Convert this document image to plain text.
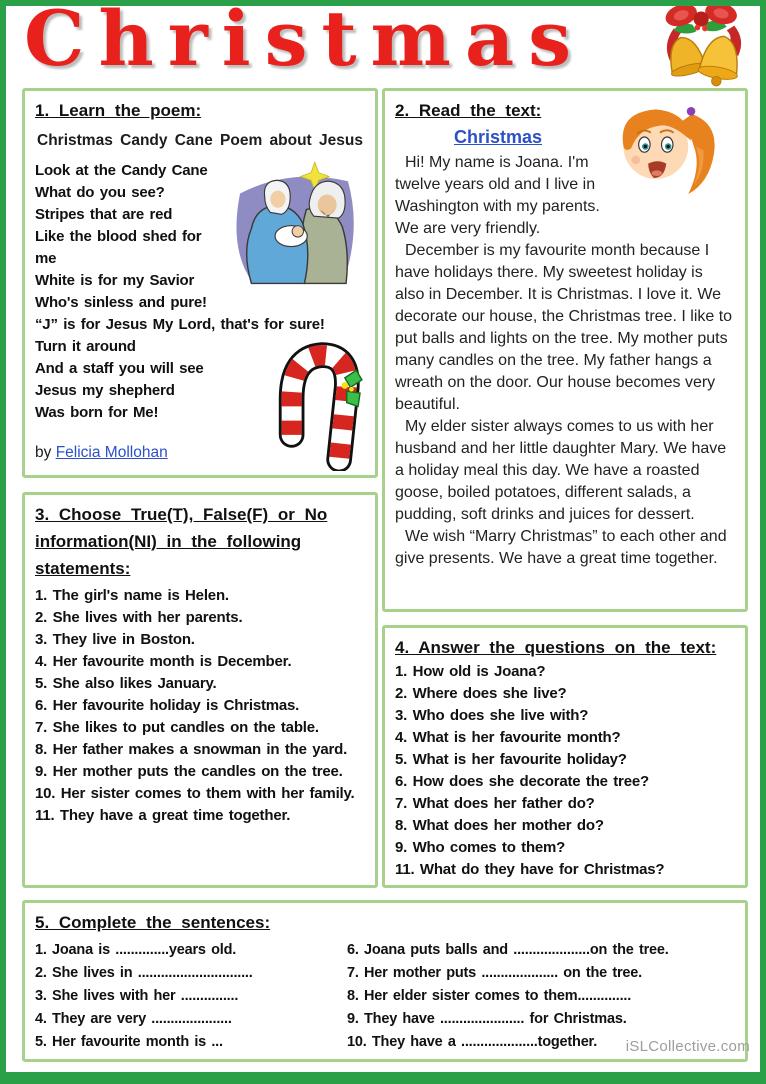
Christmas
1. Learn the poem:
Christmas Candy Cane Poem about Jesus
Look at the Candy Cane
What do you see?
Stripes that are red
Like the blood shed for me
White is for my Savior
Who's sinless and pure!
“J” is for Jesus My Lord, that's for sure!
Turn it around
And a staff you will see
Jesus my shepherd
Was born for Me!
by Felicia Mollohan
2. Read the text:
Christmas

Hi! My name is Joana. I'm twelve years old and I live in Washington with my parents. We are very friendly.

December is my favourite month because I have holidays there. My sweetest holiday is also in December. It is Christmas. I love it. We decorate our house, the Christmas tree. I like to put balls and lights on the tree. My mother puts many candles on the tree. My father hangs a wreath on the door. Our house becomes very beautiful.

My elder sister always comes to us with her husband and her little daughter Mary. We have a holiday meal this day. We have a roasted goose, boiled potatoes, different salads, a pudding, soft drinks and juices for dessert.

We wish “Marry Christmas” to each other and give presents. We have a great time together.

3. Choose True(T), False(F) or No information(NI) in the following statements:
1. The girl's name is Helen.
2. She lives with her parents.
3. They live in Boston.
4. Her favourite month is December.
5. She also likes January.
6. Her favourite holiday is Christmas.
7. She likes to put candles on the table.
8. Her father makes a snowman in the yard.
9. Her mother puts the candles on the tree.
10. Her sister comes to them with her family.
11. They have a great time together.
4. Answer the questions on the text:
1. How old is Joana?
2. Where does she live?
3. Who does she live with?
4. What is her favourite month?
5. What is her favourite holiday?
6. How does she decorate the tree?
7. What does her father do?
8. What does her mother do?
9. Who comes to them?
11. What do they have for Christmas?
5. Complete the sentences:
1. Joana is ..............years old.
2. She lives in ..............................
3. She lives with her ...............
4. They are very .....................
5. Her favourite month is ...
6. Joana puts balls and ....................on the tree.
7. Her mother puts .................... on the tree.
8. Her elder sister comes to them..............
9. They have ...................... for Christmas.
10. They have a ....................together.	iSLCollective.com
